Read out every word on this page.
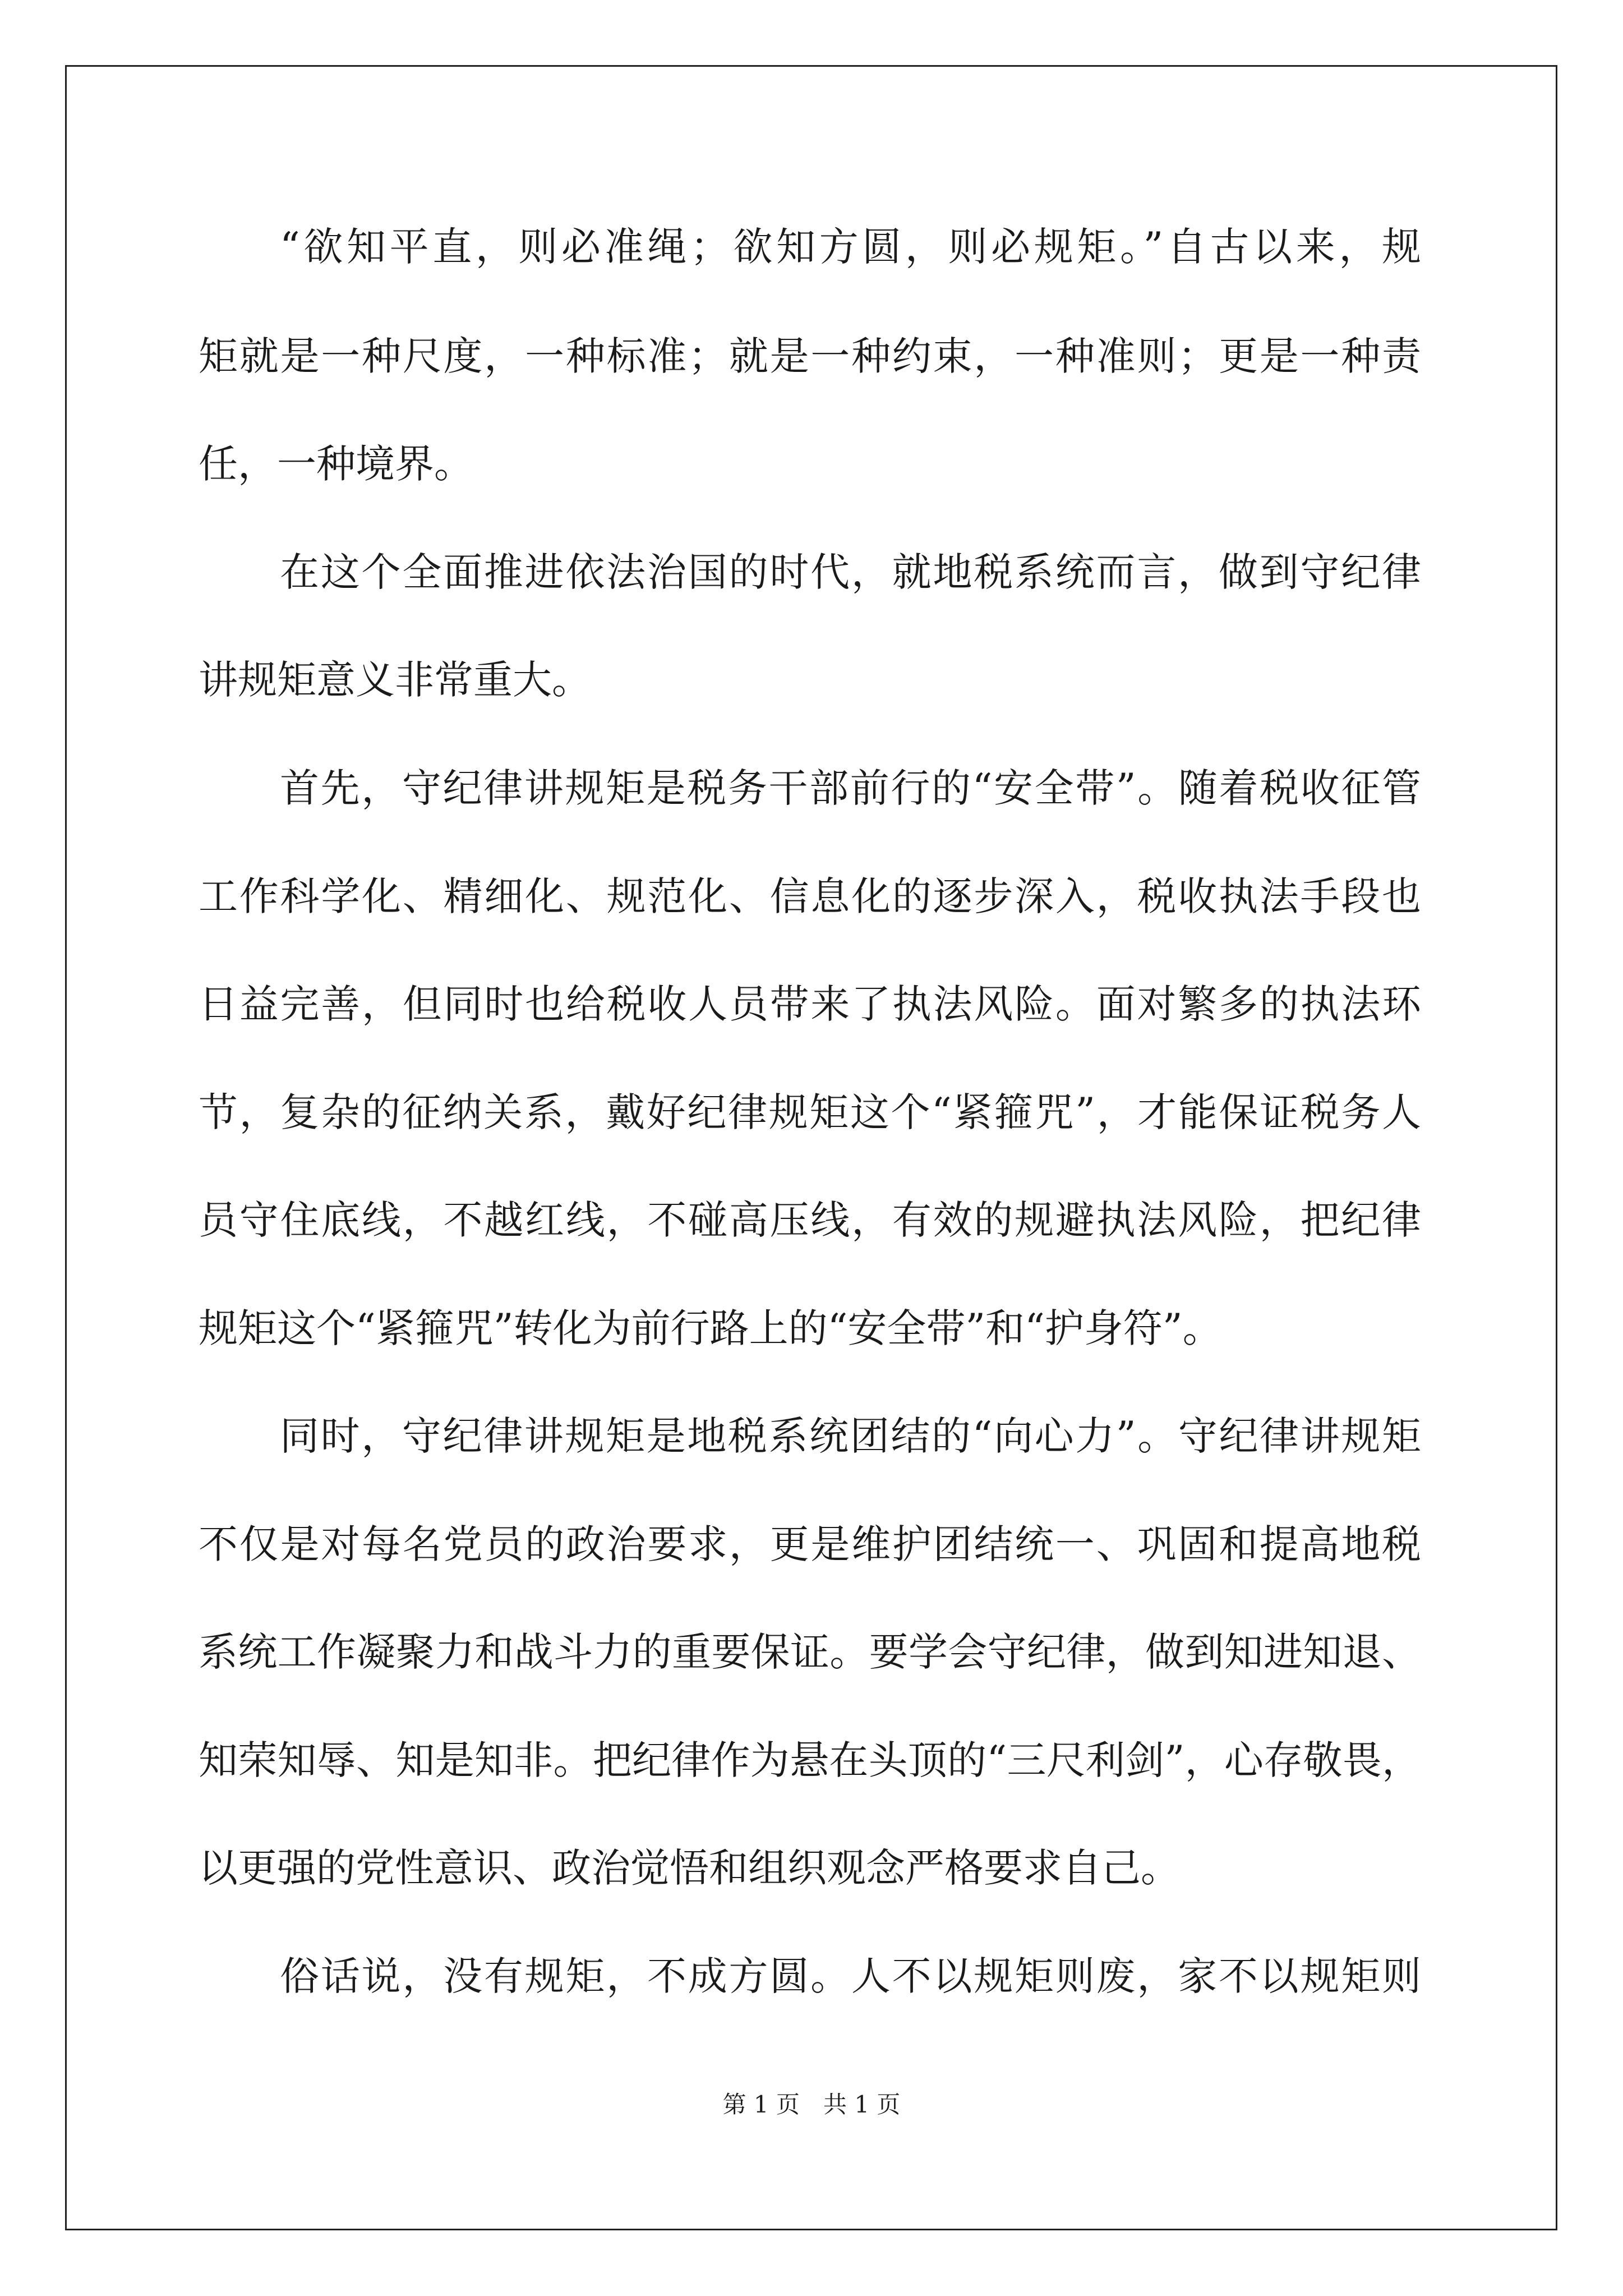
“欲知平直，则必准绳；欲知方圆，则必规矩。”自古以来，规
矩就是一种尺度，一种标准；就是一种约束，一种准则；更是一种责
任，一种境界。
在这个全面推进依法治国的时代，就地税系统而言，做到守纪律
讲规矩意义非常重大。
首先，守纪律讲规矩是税务干部前行的“安全带”。随着税收征管
工作科学化、精细化、规范化、信息化的逐步深入，税收执法手段也
日益完善，但同时也给税收人员带来了执法风险。面对繁多的执法环
节，复杂的征纳关系，戴好纪律规矩这个“紧箍咒”，才能保证税务人
员守住底线，不越红线，不碰高压线，有效的规避执法风险，把纪律
规矩这个“紧箍咒”转化为前行路上的“安全带”和“护身符”。
同时，守纪律讲规矩是地税系统团结的“向心力”。守纪律讲规矩
不仅是对每名党员的政治要求，更是维护团结统一、巩固和提高地税
系统工作凝聚力和战斗力的重要保证。要学会守纪律，做到知进知退、
知荣知辱、知是知非。把纪律作为悬在头顶的“三尺利剑”，心存敬畏，
以更强的党性意识、政治觉悟和组织观念严格要求自己。
俗话说，没有规矩，不成方圆。人不以规矩则废，家不以规矩则
第 1 页　共 1 页
